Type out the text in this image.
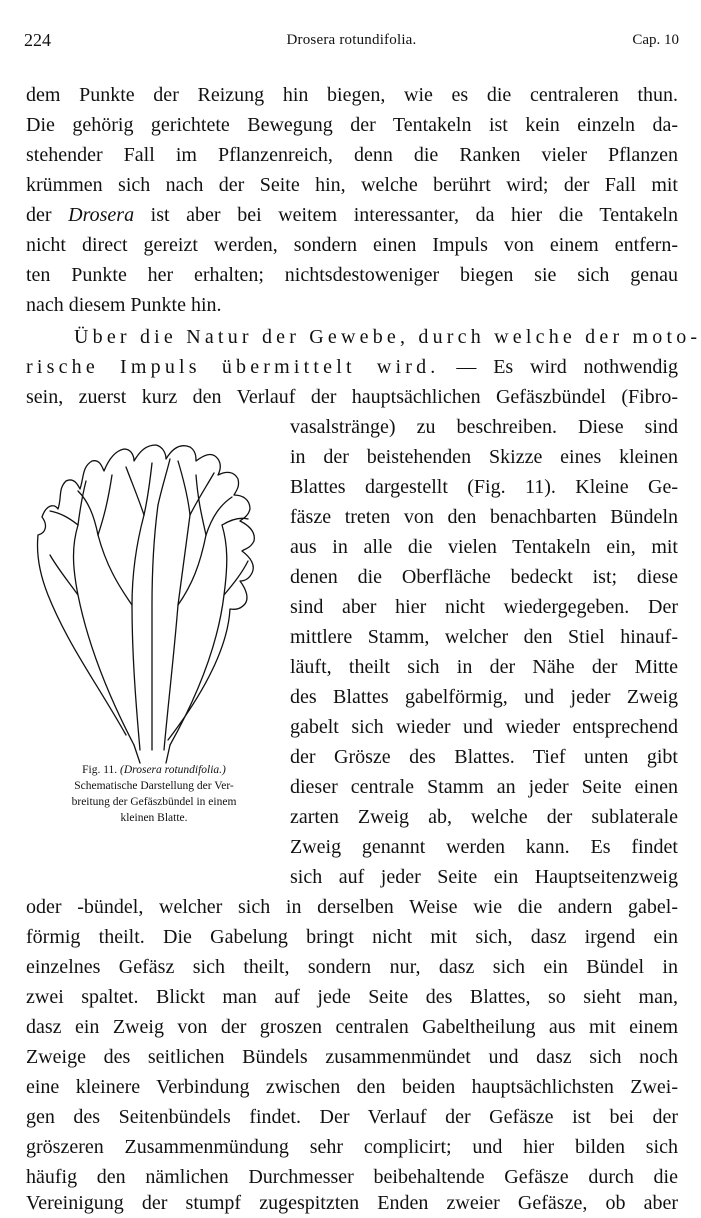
224	Drosera rotundifolia.	Cap. 10
dem Punkte der Reizung hin biegen, wie es die centraleren thun.
Die gehörig gerichtete Bewegung der Tentakeln ist kein einzeln da-
stehender Fall im Pflanzenreich, denn die Ranken vieler Pflanzen
krümmen sich nach der Seite hin, welche berührt wird; der Fall mit
der Drosera ist aber bei weitem interessanter, da hier die Tentakeln
nicht direct gereizt werden, sondern einen Impuls von einem entfern-
ten Punkte her erhalten; nichtsdestoweniger biegen sie sich genau
nach diesem Punkte hin.
Über die Natur der Gewebe, durch welche der moto-
rische Impuls übermittelt wird. — Es wird nothwendig
sein, zuerst kurz den Verlauf der hauptsächlichen Gefäszbündel (Fibro-
vasalstränge) zu beschreiben. Diese sind
in der beistehenden Skizze eines kleinen
Blattes dargestellt (Fig. 11). Kleine Ge-
fäsze treten von den benachbarten Bündeln
aus in alle die vielen Tentakeln ein, mit
denen die Oberfläche bedeckt ist; diese
sind aber hier nicht wiedergegeben. Der
mittlere Stamm, welcher den Stiel hinauf-
läuft, theilt sich in der Nähe der Mitte
des Blattes gabelförmig, und jeder Zweig
gabelt sich wieder und wieder entsprechend
der Grösze des Blattes. Tief unten gibt
dieser centrale Stamm an jeder Seite einen
zarten Zweig ab, welche der sublaterale
Zweig genannt werden kann. Es findet
sich auf jeder Seite ein Hauptseitenzweig
oder -bündel, welcher sich in derselben Weise wie die andern gabel-
förmig theilt. Die Gabelung bringt nicht mit sich, dasz irgend ein
einzelnes Gefäsz sich theilt, sondern nur, dasz sich ein Bündel in
zwei spaltet. Blickt man auf jede Seite des Blattes, so sieht man,
dasz ein Zweig von der groszen centralen Gabeltheilung aus mit einem
Zweige des seitlichen Bündels zusammenmündet und dasz sich noch
eine kleinere Verbindung zwischen den beiden hauptsächlichsten Zwei-
gen des Seitenbündels findet. Der Verlauf der Gefäsze ist bei der
gröszeren Zusammenmündung sehr complicirt; und hier bilden sich
häufig den nämlichen Durchmesser beibehaltende Gefäsze durch die
Vereinigung der stumpf zugespitzten Enden zweier Gefäsze, ob aber
Fig. 11. (Drosera rotundifolia.)
Schematische Darstellung der Ver-
breitung der Gefäszbündel in einem
kleinen Blatte.
